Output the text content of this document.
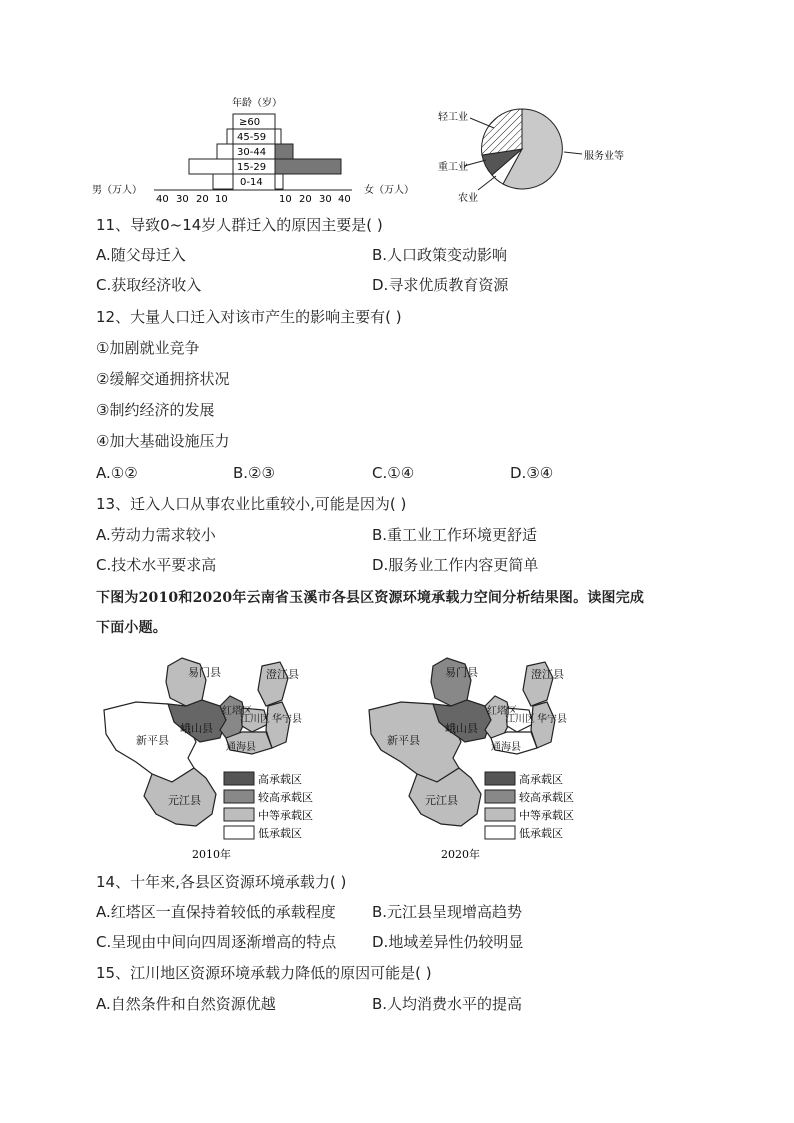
年龄（岁）
≥60
45-59
30-44
15-29
0-14
男（万人）
40 30 20 10	10 20 30 40
女（万人）
轻工业
重工业
农业
服务业等
11、导致0~14岁人群迁入的原因主要是( )
A.随父母迁入	B.人口政策变动影响
C.获取经济收入	D.寻求优质教育资源
12、大量人口迁入对该市产生的影响主要有( )
①加剧就业竞争
②缓解交通拥挤状况
③制约经济的发展
④加大基础设施压力
A.①②	B.②③	C.①④	D.③④
13、迁入人口从事农业比重较小,可能是因为( )
A.劳动力需求较小	B.重工业工作环境更舒适
C.技术水平要求高	D.服务业工作内容更简单
下图为2010和2020年云南省玉溪市各县区资源环境承载力空间分析结果图。读图完成
下面小题。
易门县	澄江县
红塔区
江川区 华宁县
峨山县
通海县
新平县
元江县
高承载区
较高承载区
中等承载区
低承载区
2010年
易门县	澄江县
红塔区
江川区 华宁县
峨山县
通海县
新平县
元江县
高承载区
较高承载区
中等承载区
低承载区
2020年
14、十年来,各县区资源环境承载力( )
A.红塔区一直保持着较低的承载程度 B.元江县呈现增高趋势
C.呈现由中间向四周逐渐增高的特点 D.地域差异性仍较明显
15、江川地区资源环境承载力降低的原因可能是( )
A.自然条件和自然资源优越	B.人均消费水平的提高
